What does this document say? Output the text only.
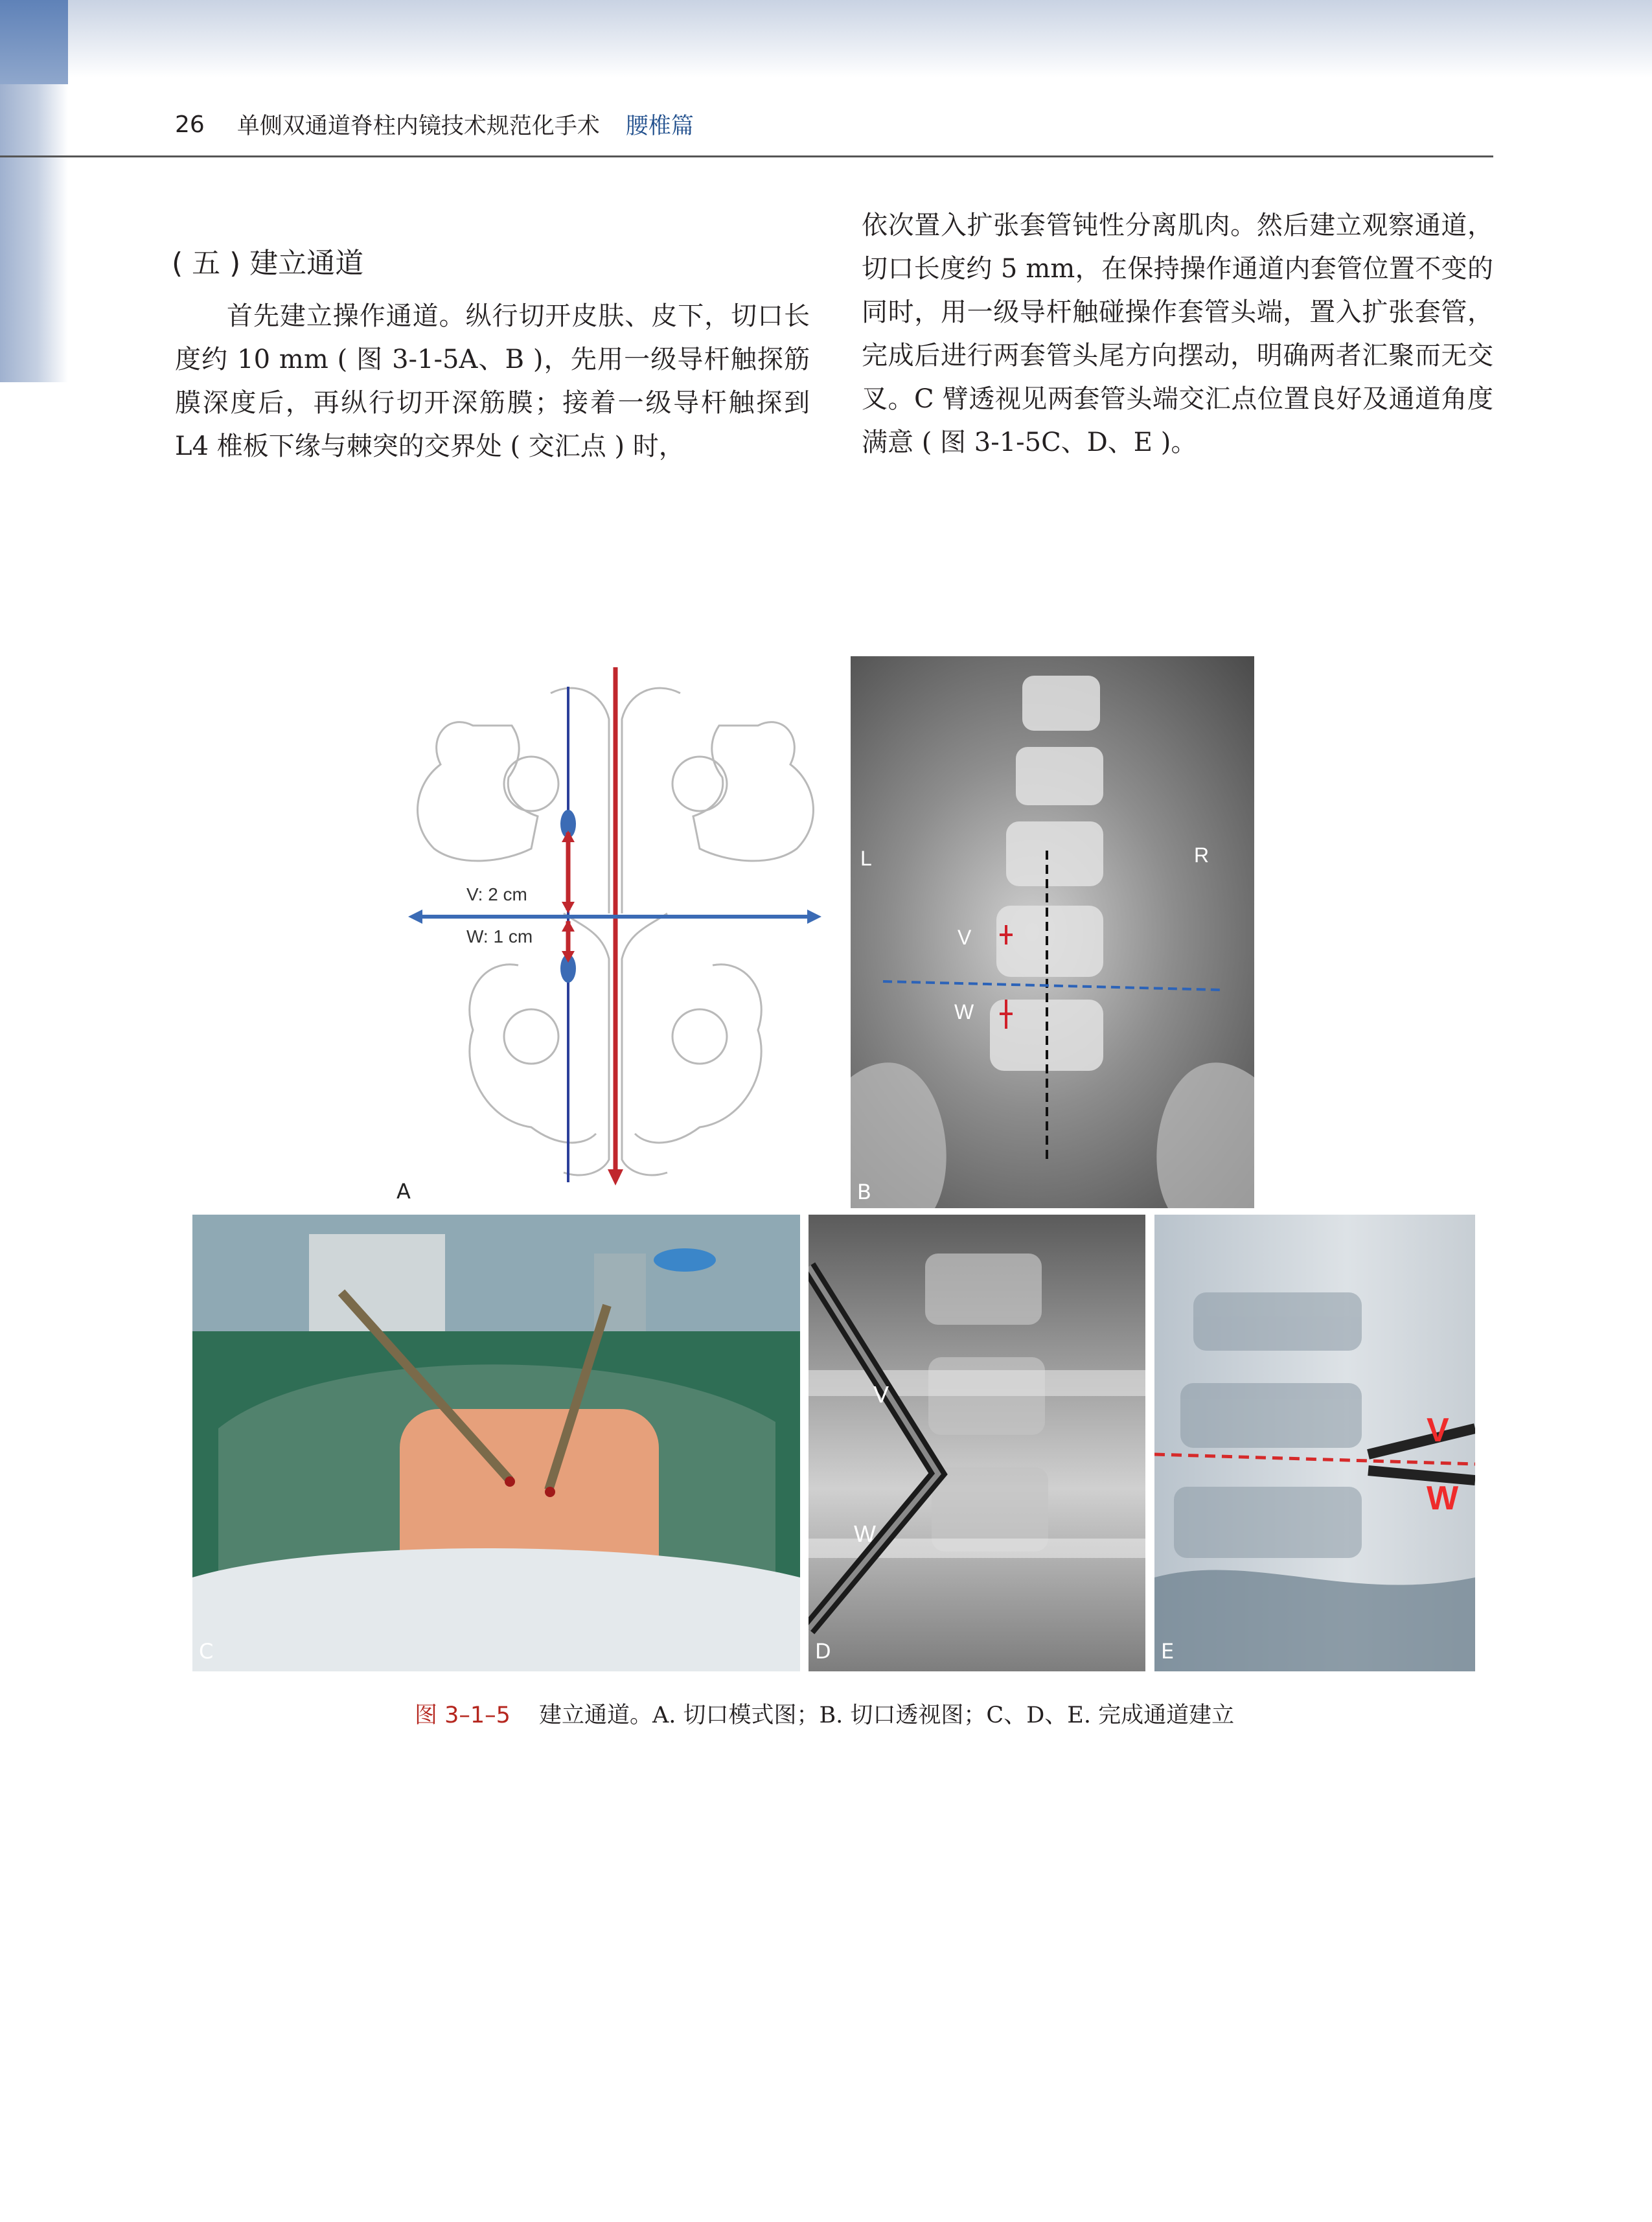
26 单侧双通道脊柱内镜技术规范化手术 腰椎篇
( 五 ) 建立通道

首先建立操作通道。纵行切开皮肤、皮下，切口长度约 10 mm ( 图 3-1-5A、B )，先用一级导杆触探筋膜深度后，再纵行切开深筋膜；接着一级导杆触探到 L4 椎板下缘与棘突的交界处 ( 交汇点 ) 时，

依次置入扩张套管钝性分离肌肉。然后建立观察通道，切口长度约 5 mm，在保持操作通道内套管位置不变的同时，用一级导杆触碰操作套管头端，置入扩张套管，完成后进行两套管头尾方向摆动，明确两者汇聚而无交叉。C 臂透视见两套管头端交汇点位置良好及通道角度满意 ( 图 3-1-5C、D、E )。

V: 2 cm
W: 1 cm
A
L	R
V
W
B
C
V
W
D
V
W
E
图 3–1–5 建立通道。A. 切口模式图；B. 切口透视图；C、D、E. 完成通道建立
